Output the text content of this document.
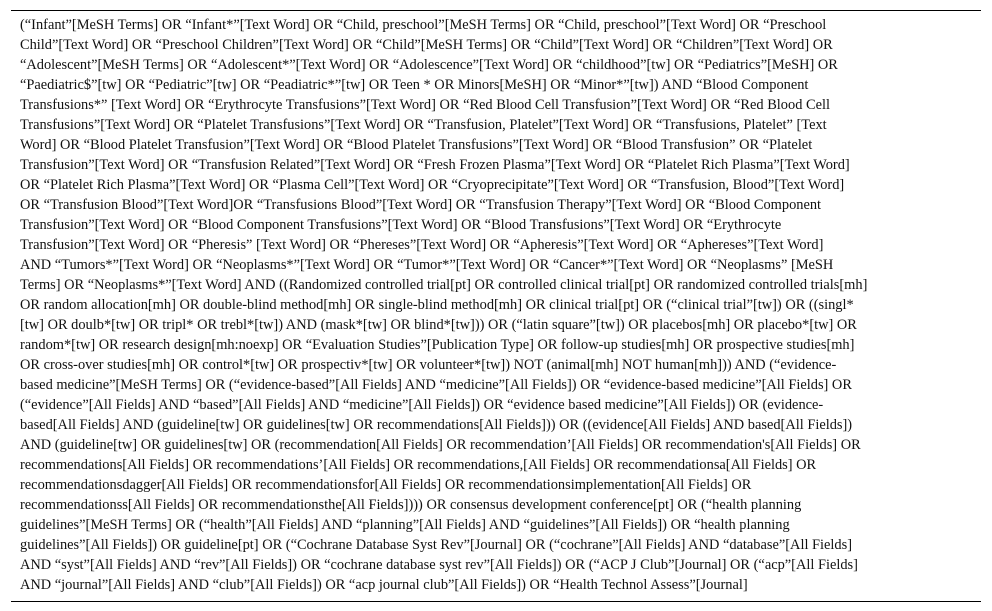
(“Infant”[MeSH Terms] OR “Infant*”[Text Word] OR “Child, preschool”[MeSH Terms] OR “Child, preschool”[Text Word] OR “Preschool
Child”[Text Word] OR “Preschool Children”[Text Word] OR “Child”[MeSH Terms] OR “Child”[Text Word] OR “Children”[Text Word] OR
“Adolescent”[MeSH Terms] OR “Adolescent*”[Text Word] OR “Adolescence”[Text Word] OR “childhood”[tw] OR “Pediatrics”[MeSH] OR
“Paediatric$”[tw] OR “Pediatric”[tw] OR “Peadiatric*”[tw] OR Teen * OR Minors[MeSH] OR “Minor*”[tw]) AND “Blood Component
Transfusions*” [Text Word] OR “Erythrocyte Transfusions”[Text Word] OR “Red Blood Cell Transfusion”[Text Word] OR “Red Blood Cell
Transfusions”[Text Word] OR “Platelet Transfusions”[Text Word] OR “Transfusion, Platelet”[Text Word] OR “Transfusions, Platelet” [Text
Word] OR “Blood Platelet Transfusion”[Text Word] OR “Blood Platelet Transfusions”[Text Word] OR “Blood Transfusion” OR “Platelet
Transfusion”[Text Word] OR “Transfusion Related”[Text Word] OR “Fresh Frozen Plasma”[Text Word] OR “Platelet Rich Plasma”[Text Word]
OR “Platelet Rich Plasma”[Text Word] OR “Plasma Cell”[Text Word] OR “Cryoprecipitate”[Text Word] OR “Transfusion, Blood”[Text Word]
OR “Transfusion Blood”[Text Word]OR “Transfusions Blood”[Text Word] OR “Transfusion Therapy”[Text Word] OR “Blood Component
Transfusion”[Text Word] OR “Blood Component Transfusions”[Text Word] OR “Blood Transfusions”[Text Word] OR “Erythrocyte
Transfusion”[Text Word] OR “Pheresis” [Text Word] OR “Phereses”[Text Word] OR “Apheresis”[Text Word] OR “Aphereses”[Text Word]
AND “Tumors*”[Text Word] OR “Neoplasms*”[Text Word] OR “Tumor*”[Text Word] OR “Cancer*”[Text Word] OR “Neoplasms” [MeSH
Terms] OR “Neoplasms*”[Text Word] AND ((Randomized controlled trial[pt] OR controlled clinical trial[pt] OR randomized controlled trials[mh]
OR random allocation[mh] OR double-blind method[mh] OR single-blind method[mh] OR clinical trial[pt] OR (“clinical trial”[tw]) OR ((singl*
[tw] OR doulb*[tw] OR tripl* OR trebl*[tw]) AND (mask*[tw] OR blind*[tw])) OR (“latin square”[tw]) OR placebos[mh] OR placebo*[tw] OR
random*[tw] OR research design[mh:noexp] OR “Evaluation Studies”[Publication Type] OR follow-up studies[mh] OR prospective studies[mh]
OR cross-over studies[mh] OR control*[tw] OR prospectiv*[tw] OR volunteer*[tw]) NOT (animal[mh] NOT human[mh])) AND (“evidence-
based medicine”[MeSH Terms] OR (“evidence-based”[All Fields] AND “medicine”[All Fields]) OR “evidence-based medicine”[All Fields] OR
(“evidence”[All Fields] AND “based”[All Fields] AND “medicine”[All Fields]) OR “evidence based medicine”[All Fields]) OR (evidence-
based[All Fields] AND (guideline[tw] OR guidelines[tw] OR recommendations[All Fields])) OR ((evidence[All Fields] AND based[All Fields])
AND (guideline[tw] OR guidelines[tw] OR (recommendation[All Fields] OR recommendation’[All Fields] OR recommendation's[All Fields] OR
recommendations[All Fields] OR recommendations’[All Fields] OR recommendations,[All Fields] OR recommendationsa[All Fields] OR
recommendationsdagger[All Fields] OR recommendationsfor[All Fields] OR recommendationsimplementation[All Fields] OR
recommendationss[All Fields] OR recommendationsthe[All Fields]))) OR consensus development conference[pt] OR (“health planning
guidelines”[MeSH Terms] OR (“health”[All Fields] AND “planning”[All Fields] AND “guidelines”[All Fields]) OR “health planning
guidelines”[All Fields]) OR guideline[pt] OR (“Cochrane Database Syst Rev”[Journal] OR (“cochrane”[All Fields] AND “database”[All Fields]
AND “syst”[All Fields] AND “rev”[All Fields]) OR “cochrane database syst rev”[All Fields]) OR (“ACP J Club”[Journal] OR (“acp”[All Fields]
AND “journal”[All Fields] AND “club”[All Fields]) OR “acp journal club”[All Fields]) OR “Health Technol Assess”[Journal]
